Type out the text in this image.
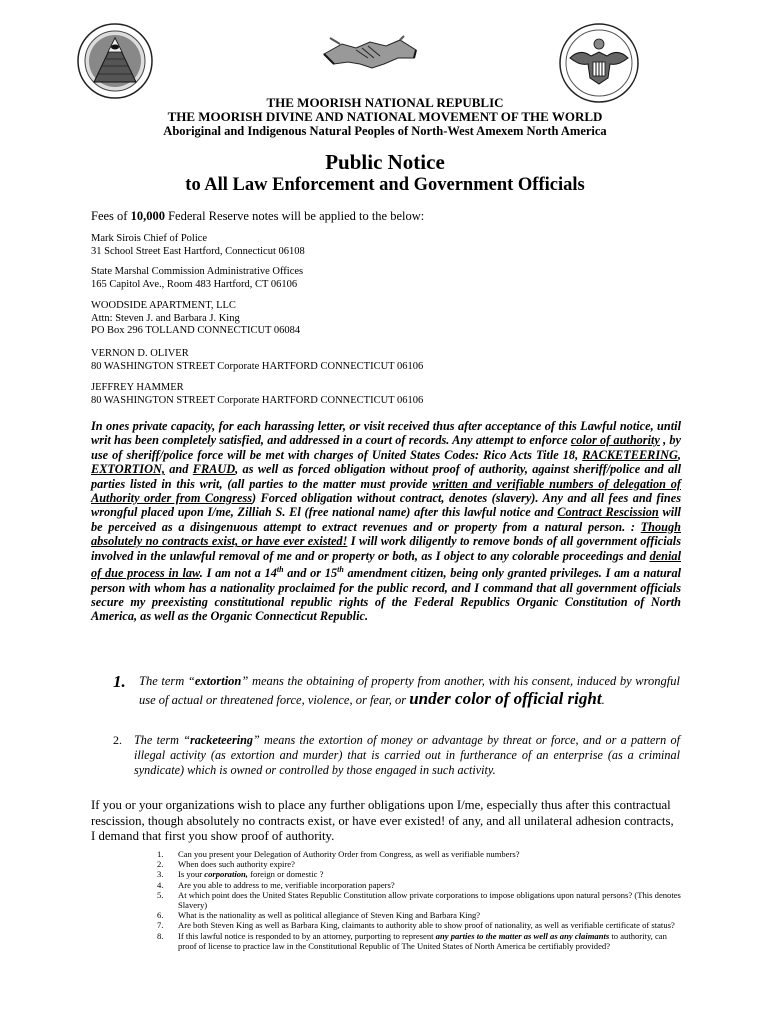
THE MOORISH NATIONAL REPUBLIC
THE MOORISH DIVINE AND NATIONAL MOVEMENT OF THE WORLD
Aboriginal and Indigenous Natural Peoples of North-West Amexem North America
Public Notice
to All Law Enforcement and Government Officials
Fees of 10,000 Federal Reserve notes will be applied to the below:
Mark Sirois Chief of Police
31 School Street East Hartford, Connecticut 06108
State Marshal Commission Administrative Offices
165 Capitol Ave., Room 483 Hartford, CT 06106
WOODSIDE APARTMENT, LLC
Attn: Steven J. and Barbara J. King
PO Box 296 TOLLAND CONNECTICUT 06084
VERNON D. OLIVER
80 WASHINGTON STREET Corporate HARTFORD CONNECTICUT 06106
JEFFREY HAMMER
80 WASHINGTON STREET Corporate HARTFORD CONNECTICUT 06106
In ones private capacity, for each harassing letter, or visit received thus after acceptance of this Lawful notice, until writ has been completely satisfied, and addressed in a court of records. Any attempt to enforce color of authority , by use of sheriff/police force will be met with charges of United States Codes: Rico Acts Title 18, RACKETEERING, EXTORTION, and FRAUD, as well as forced obligation without proof of authority, against sheriff/police and all parties listed in this writ, (all parties to the matter must provide written and verifiable numbers of delegation of Authority order from Congress) Forced obligation without contract, denotes (slavery). Any and all fees and fines wrongful placed upon I/me, Zilliah S. El (free national name) after this lawful notice and Contract Rescission will be perceived as a disingenuous attempt to extract revenues and or property from a natural person. : Though absolutely no contracts exist, or have ever existed! I will work diligently to remove bonds of all government officials involved in the unlawful removal of me and or property or both, as I object to any colorable proceedings and denial of due process in law. I am not a 14th and or 15th amendment citizen, being only granted privileges. I am a natural person with whom has a nationality proclaimed for the public record, and I command that all government officials secure my preexisting constitutional republic rights of the Federal Republics Organic Constitution of North America, as well as the Organic Connecticut Republic.
1. The term “extortion” means the obtaining of property from another, with his consent, induced by wrongful use of actual or threatened force, violence, or fear, or under color of official right.
2. The term “racketeering” means the extortion of money or advantage by threat or force, and or a pattern of illegal activity (as extortion and murder) that is carried out in furtherance of an enterprise (as a criminal syndicate) which is owned or controlled by those engaged in such activity.
If you or your organizations wish to place any further obligations upon I/me, especially thus after this contractual rescission, though absolutely no contracts exist, or have ever existed! of any, and all unilateral adhesion contracts, I demand that first you show proof of authority.
1. Can you present your Delegation of Authority Order from Congress, as well as verifiable numbers?
2. When does such authority expire?
3. Is your corporation, foreign or domestic ?
4. Are you able to address to me, verifiable incorporation papers?
5. At which point does the United States Republic Constitution allow private corporations to impose obligations upon natural persons? (This denotes Slavery)
6. What is the nationality as well as political allegiance of Steven King and Barbara King?
7. Are both Steven King as well as Barbara King, claimants to authority able to show proof of nationality, as well as verifiable certificate of status?
8. If this lawful notice is responded to by an attorney, purporting to represent any parties to the matter as well as any claimants to authority, can proof of license to practice law in the Constitutional Republic of The United States of North America be certifiably provided?
